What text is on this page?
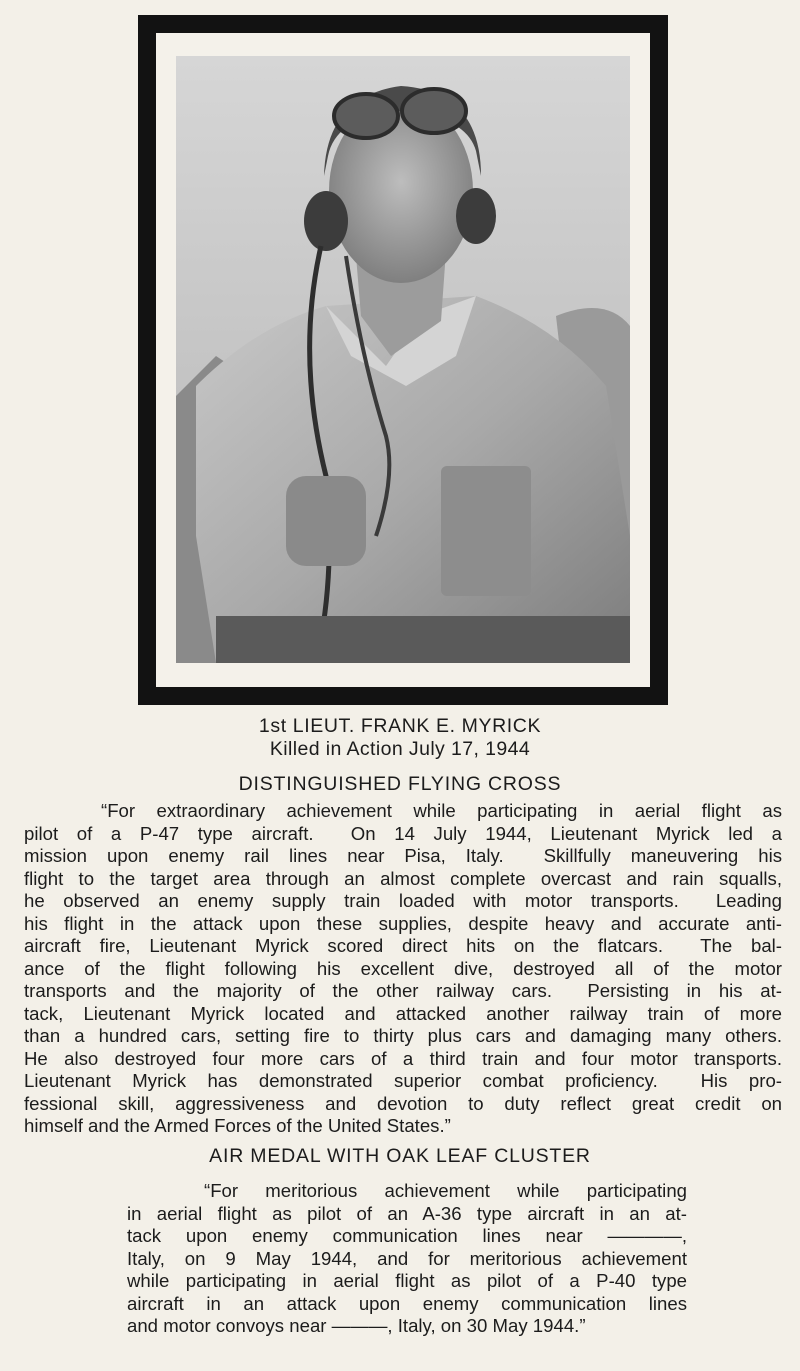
1st LIEUT. FRANK E. MYRICK
Killed in Action July 17, 1944
DISTINGUISHED FLYING CROSS
“For extraordinary achievement while participating in aerial flight as
pilot of a P-47 type aircraft.  On 14 July 1944, Lieutenant Myrick led a
mission upon enemy rail lines near Pisa, Italy.  Skillfully maneuvering his
flight to the target area through an almost complete overcast and rain squalls,
he observed an enemy supply train loaded with motor transports.  Leading
his flight in the attack upon these supplies, despite heavy and accurate anti-
aircraft fire, Lieutenant Myrick scored direct hits on the flatcars.  The bal-
ance of the flight following his excellent dive, destroyed all of the motor
transports and the majority of the other railway cars.  Persisting in his at-
tack, Lieutenant Myrick located and attacked another railway train of more
than a hundred cars, setting fire to thirty plus cars and damaging many others.
He also destroyed four more cars of a third train and four motor transports.
Lieutenant Myrick has demonstrated superior combat proficiency.  His pro-
fessional skill, aggressiveness and devotion to duty reflect great credit on
himself and the Armed Forces of the United States.”
AIR MEDAL WITH OAK LEAF CLUSTER
“For meritorious achievement while participating
in aerial flight as pilot of an A-36 type aircraft in an at-
tack upon enemy communication lines near ————,
Italy, on 9 May 1944, and for meritorious achievement
while participating in aerial flight as pilot of a P-40 type
aircraft in an attack upon enemy communication lines
and motor convoys near ———, Italy, on 30 May 1944.”
